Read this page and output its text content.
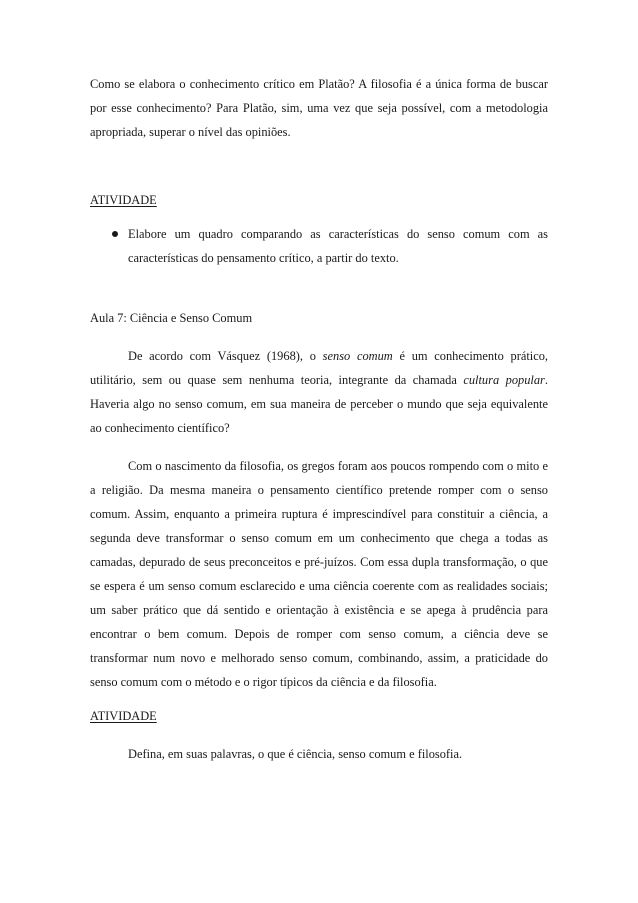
Como se elabora o conhecimento crítico em Platão? A filosofia é a única forma de buscar por esse conhecimento? Para Platão, sim, uma vez que seja possível, com a metodologia apropriada, superar o nível das opiniões.

ATIVIDADE

Elabore um quadro comparando as características do senso comum com as características do pensamento crítico, a partir do texto.

Aula 7: Ciência e Senso Comum

De acordo com Vásquez (1968), o senso comum é um conhecimento prático, utilitário, sem ou quase sem nenhuma teoria, integrante da chamada cultura popular. Haveria algo no senso comum, em sua maneira de perceber o mundo que seja equivalente ao conhecimento científico?

Com o nascimento da filosofia, os gregos foram aos poucos rompendo com o mito e a religião. Da mesma maneira o pensamento científico pretende romper com o senso comum. Assim, enquanto a primeira ruptura é imprescindível para constituir a ciência, a segunda deve transformar o senso comum em um conhecimento que chega a todas as camadas, depurado de seus preconceitos e pré-juízos. Com essa dupla transformação, o que se espera é um senso comum esclarecido e uma ciência coerente com as realidades sociais; um saber prático que dá sentido e orientação à existência e se apega à prudência para encontrar o bem comum. Depois de romper com senso comum, a ciência deve se transformar num novo e melhorado senso comum, combinando, assim, a praticidade do senso comum com o método e o rigor típicos da ciência e da filosofia.

ATIVIDADE

Defina, em suas palavras, o que é ciência, senso comum e filosofia.
